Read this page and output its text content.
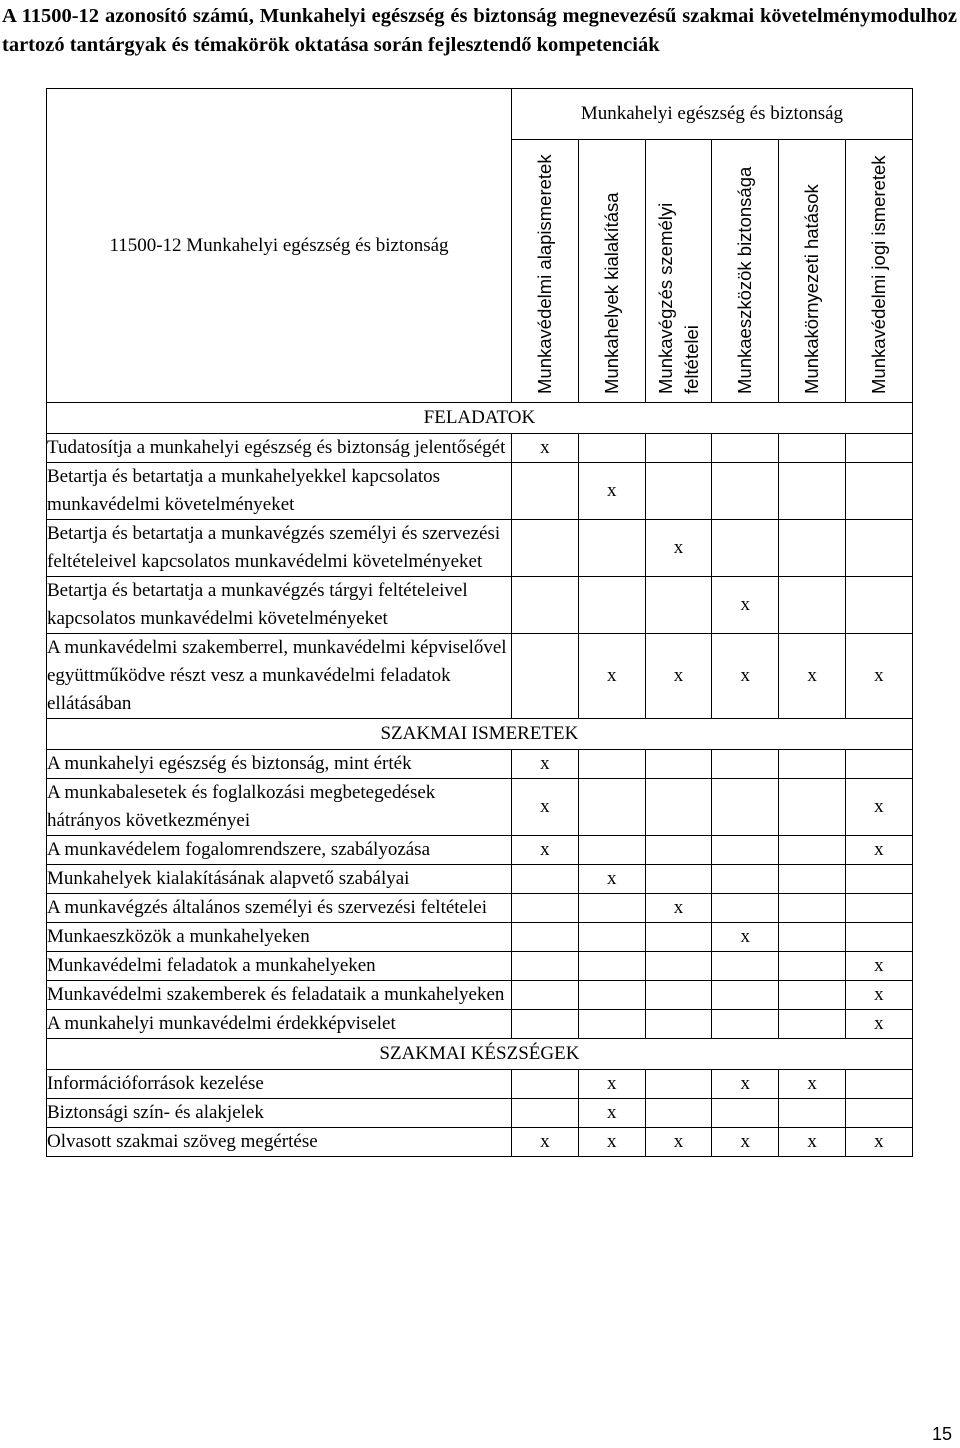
A 11500-12 azonosító számú, Munkahelyi egészség és biztonság megnevezésű szakmai követelménymodulhoz tartozó tantárgyak és témakörök oktatása során fejlesztendő kompetenciák
11500-12 Munkahelyi egészség és biztonság	Munkahelyi egészség és biztonság					

	Munkavédelmi alapismeretek	Munkahelyek kialakítása	Munkavégzés személyi feltételei	Munkaeszközök biztonsága	Munkakörnyezeti hatások	Munkavédelmi jogi ismeretek

FELADATOK						
Tudatosítja a munkahelyi egészség és biztonság jelentőségét	x					
Betartja és betartatja a munkahelyekkel kapcsolatos munkavédelmi követelményeket		x				
Betartja és betartatja a munkavégzés személyi és szervezési feltételeivel kapcsolatos munkavédelmi követelményeket			x			
Betartja és betartatja a munkavégzés tárgyi feltételeivel kapcsolatos munkavédelmi követelményeket				x		
A munkavédelmi szakemberrel, munkavédelmi képviselővel együttműködve részt vesz a munkavédelmi feladatok ellátásában		x	x	x	x	x
SZAKMAI ISMERETEK						
A munkahelyi egészség és biztonság, mint érték	x					
A munkabalesetek és foglalkozási megbetegedések hátrányos következményei	x					x
A munkavédelem fogalomrendszere, szabályozása	x					x
Munkahelyek kialakításának alapvető szabályai		x				
A munkavégzés általános személyi és szervezési feltételei			x			
Munkaeszközök a munkahelyeken				x		
Munkavédelmi feladatok a munkahelyeken						x
Munkavédelmi szakemberek és feladataik a munkahelyeken						x
A munkahelyi munkavédelmi érdekképviselet						x
SZAKMAI KÉSZSÉGEK						
Információforrások kezelése		x		x	x	
Biztonsági szín- és alakjelek		x				
Olvasott szakmai szöveg megértése	x	x	x	x	x	x
15
